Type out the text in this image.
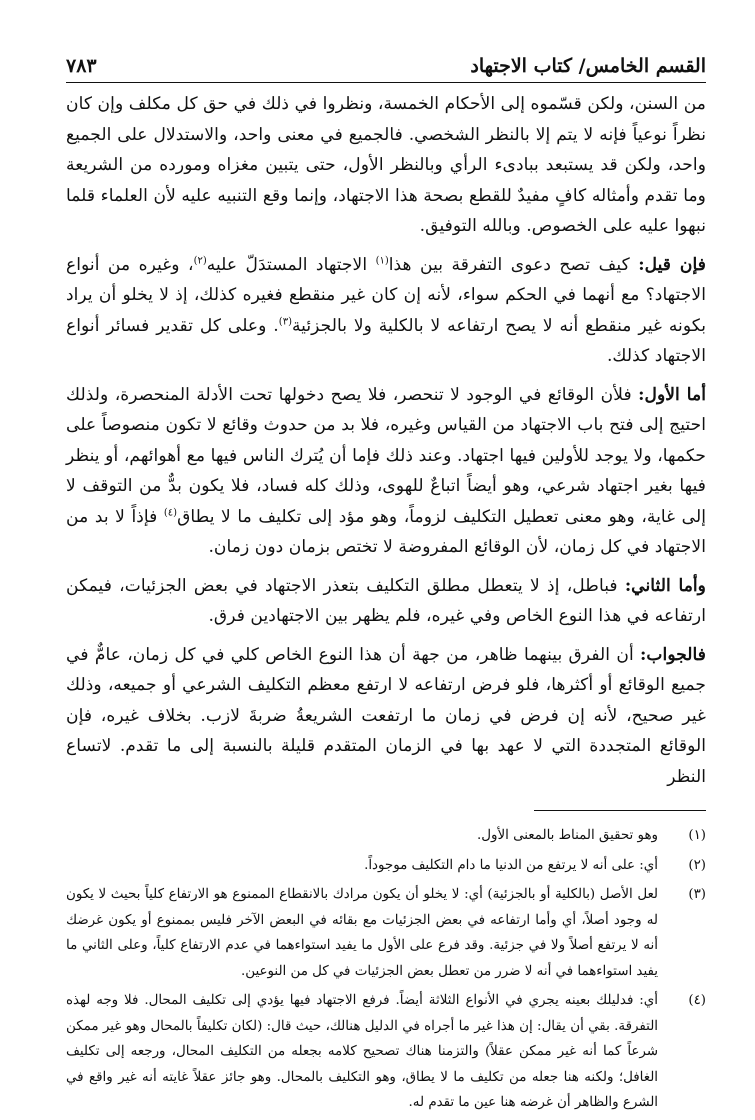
القسم الخامس/ كتاب الاجتهاد
٧٨٣

من السنن، ولكن قسّموه إلى الأحكام الخمسة، ونظروا في ذلك في حق كل مكلف وإن كان نظراً نوعياً فإنه لا يتم إلا بالنظر الشخصي. فالجميع في معنى واحد، والاستدلال على الجميع واحد، ولكن قد يستبعد ببادىء الرأي وبالنظر الأول، حتى يتبين مغزاه ومورده من الشريعة وما تقدم وأمثاله كافٍ مفيدٌ للقطع بصحة هذا الاجتهاد، وإنما وقع التنبيه عليه لأن العلماء قلما نبهوا عليه على الخصوص. وبالله التوفيق.

فإن قيل: كيف تصح دعوى التفرقة بين هذا$^{(١)}$ الاجتهاد المستدَلّ عليه$^{(٢)}$، وغيره من أنواع الاجتهاد؟ مع أنهما في الحكم سواء، لأنه إن كان غير منقطع فغيره كذلك، إذ لا يخلو أن يراد بكونه غير منقطع أنه لا يصح ارتفاعه لا بالكلية ولا بالجزئية$^{(٣)}$. وعلى كل تقدير فسائر أنواع الاجتهاد كذلك.

أما الأول: فلأن الوقائع في الوجود لا تنحصر، فلا يصح دخولها تحت الأدلة المنحصرة، ولذلك احتيج إلى فتح باب الاجتهاد من القياس وغيره، فلا بد من حدوث وقائع لا تكون منصوصاً على حكمها، ولا يوجد للأولين فيها اجتهاد. وعند ذلك فإما أن يُترك الناس فيها مع أهوائهم، أو ينظر فيها بغير اجتهاد شرعي، وهو أيضاً اتباعٌ للهوى، وذلك كله فساد، فلا يكون بدٌّ من التوقف لا إلى غاية، وهو معنى تعطيل التكليف لزوماً، وهو مؤد إلى تكليف ما لا يطاق$^{(٤)}$ فإذاً لا بد من الاجتهاد في كل زمان، لأن الوقائع المفروضة لا تختص بزمان دون زمان.

وأما الثاني: فباطل، إذ لا يتعطل مطلق التكليف بتعذر الاجتهاد في بعض الجزئيات، فيمكن ارتفاعه في هذا النوع الخاص وفي غيره، فلم يظهر بين الاجتهادين فرق.

فالجواب: أن الفرق بينهما ظاهر، من جهة أن هذا النوع الخاص كلي في كل زمان، عامٌّ في جميع الوقائع أو أكثرها، فلو فرض ارتفاعه لا ارتفع معظم التكليف الشرعي أو جميعه، وذلك غير صحيح، لأنه إن فرض في زمان ما ارتفعت الشريعةُ ضربةَ لازب. بخلاف غيره، فإن الوقائع المتجددة التي لا عهد بها في الزمان المتقدم قليلة بالنسبة إلى ما تقدم. لاتساع النظر

(١)
وهو تحقيق المناط بالمعنى الأول.
(٢)
أي: على أنه لا يرتفع من الدنيا ما دام التكليف موجوداً.
(٣)
لعل الأصل (بالكلية أو بالجزئية) أي: لا يخلو أن يكون مرادك بالانقطاع الممنوع هو الارتفاع كلياً بحيث لا يكون له وجود أصلاً، أي وأما ارتفاعه في بعض الجزئيات مع بقائه في البعض الآخر فليس بممنوع أو يكون غرضك أنه لا يرتفع أصلاً ولا في جزئية. وقد فرع على الأول ما يفيد استواءهما في عدم الارتفاع كلياً، وعلى الثاني ما يفيد استواءهما في أنه لا ضرر من تعطل بعض الجزئيات في كل من النوعين.
(٤)
أي: فدليلك بعينه يجري في الأنواع الثلاثة أيضاً. فرفع الاجتهاد فيها يؤدي إلى تكليف المحال. فلا وجه لهذه التفرقة. بقي أن يقال: إن هذا غير ما أجراه في الدليل هنالك، حيث قال: (لكان تكليفاً بالمحال وهو غير ممكن شرعاً كما أنه غير ممكن عقلاً) والتزمنا هناك تصحيح كلامه بجعله من التكليف المحال، ورجعه إلى تكليف الغافل؛ ولكنه هنا جعله من تكليف ما لا يطاق، وهو التكليف بالمحال. وهو جائز عقلاً غايته أنه غير واقع في الشرع والظاهر أن غرضه هنا عين ما تقدم له.
